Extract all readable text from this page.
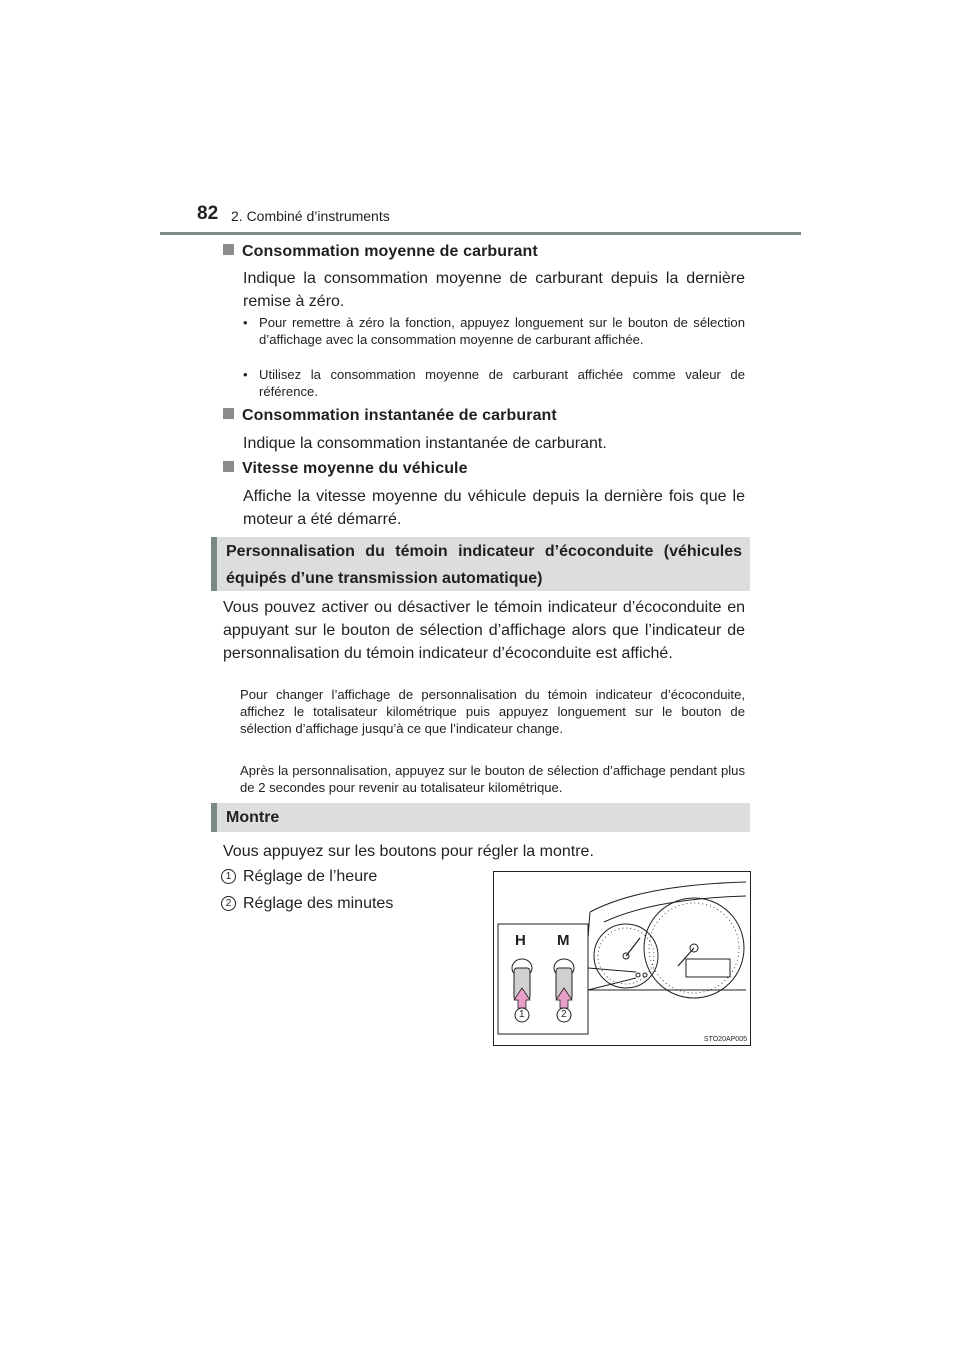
82 2. Combiné d’instruments
Consommation moyenne de carburant
Indique la consommation moyenne de carburant depuis la dernière remise à zéro.
• Pour remettre à zéro la fonction, appuyez longuement sur le bouton de sélection d’affichage avec la consommation moyenne de carburant affichée.
• Utilisez la consommation moyenne de carburant affichée comme valeur de référence.
Consommation instantanée de carburant
Indique la consommation instantanée de carburant.
Vitesse moyenne du véhicule
Affiche la vitesse moyenne du véhicule depuis la dernière fois que le moteur a été démarré.
Personnalisation du témoin indicateur d’écoconduite (véhicules équipés d’une transmission automatique)
Vous pouvez activer ou désactiver le témoin indicateur d’écoconduite en appuyant sur le bouton de sélection d’affichage alors que l’indicateur de personnalisation du témoin indicateur d’écoconduite est affiché.
Pour changer l’affichage de personnalisation du témoin indicateur d’écoconduite, affichez le totalisateur kilométrique puis appuyez longuement sur le bouton de sélection d’affichage jusqu’à ce que l’indicateur change.
Après la personnalisation, appuyez sur le bouton de sélection d’affichage pendant plus de 2 secondes pour revenir au totalisateur kilométrique.
Montre
Vous appuyez sur les boutons pour régler la montre.
1 Réglage de l’heure
2 Réglage des minutes
H M
1	2
STO20AP005
